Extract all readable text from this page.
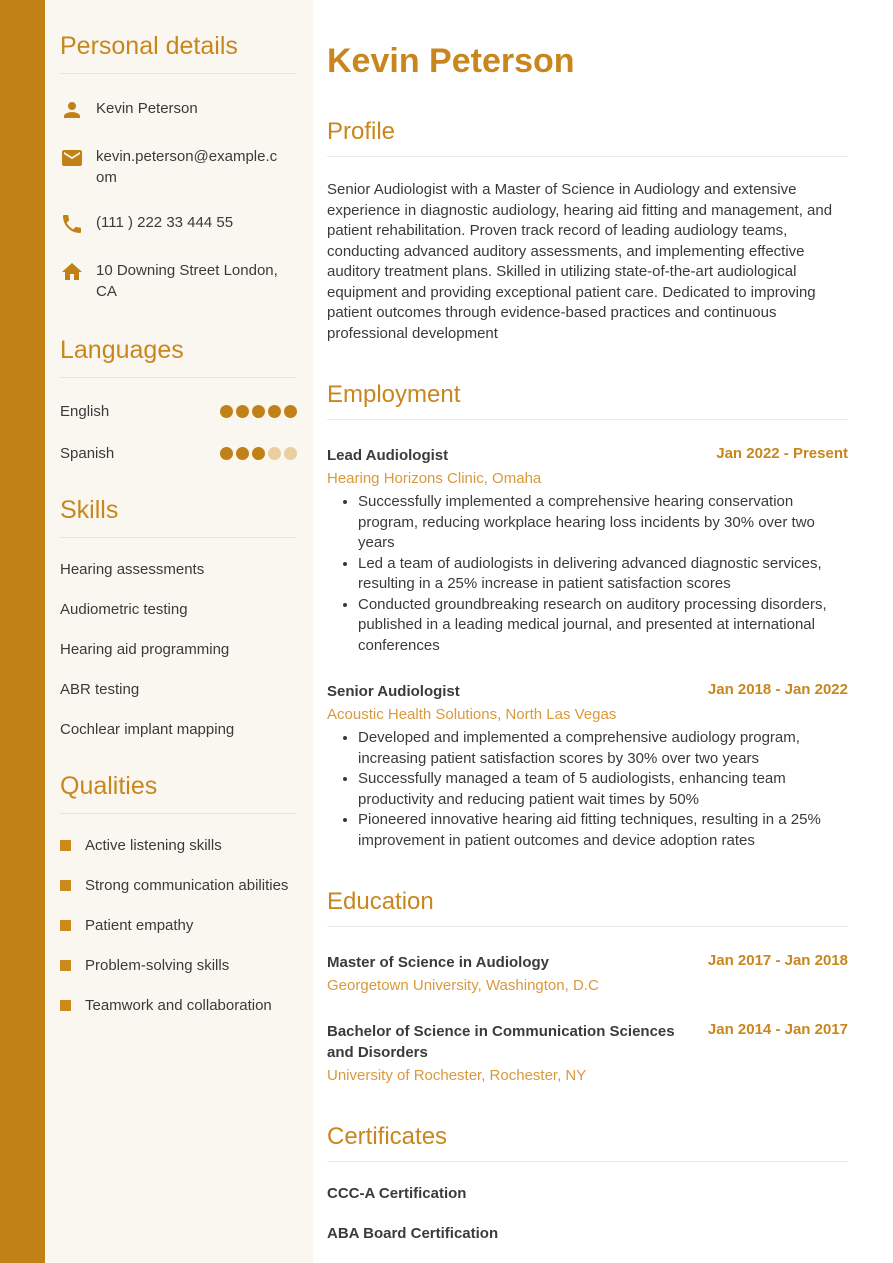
Personal details
Kevin Peterson
kevin.peterson@example.com
(111 ) 222 33 444 55
10 Downing Street London, CA
Languages
English
Spanish
Skills
Hearing assessments
Audiometric testing
Hearing aid programming
ABR testing
Cochlear implant mapping
Qualities
Active listening skills
Strong communication abilities
Patient empathy
Problem-solving skills
Teamwork and collaboration
Kevin Peterson
Profile

Senior Audiologist with a Master of Science in Audiology and extensive experience in diagnostic audiology, hearing aid fitting and management, and patient rehabilitation. Proven track record of leading audiology teams, conducting advanced auditory assessments, and implementing effective auditory treatment plans. Skilled in utilizing state-of-the-art audiological equipment and providing exceptional patient care. Dedicated to improving patient outcomes through evidence-based practices and continuous professional development

Employment
Lead Audiologist	Jan 2022 - Present
Hearing Horizons Clinic, Omaha
• Successfully implemented a comprehensive hearing conservation program, reducing workplace hearing loss incidents by 30% over two years
• Led a team of audiologists in delivering advanced diagnostic services, resulting in a 25% increase in patient satisfaction scores
• Conducted groundbreaking research on auditory processing disorders, published in a leading medical journal, and presented at international conferences
Senior Audiologist	Jan 2018 - Jan 2022
Acoustic Health Solutions, North Las Vegas
• Developed and implemented a comprehensive audiology program, increasing patient satisfaction scores by 30% over two years
• Successfully managed a team of 5 audiologists, enhancing team productivity and reducing patient wait times by 50%
• Pioneered innovative hearing aid fitting techniques, resulting in a 25% improvement in patient outcomes and device adoption rates
Education
Master of Science in Audiology	Jan 2017 - Jan 2018
Georgetown University, Washington, D.C
Bachelor of Science in Communication Sciences and Disorders
Jan 2014 - Jan 2017
University of Rochester, Rochester, NY
Certificates
CCC-A Certification
ABA Board Certification
